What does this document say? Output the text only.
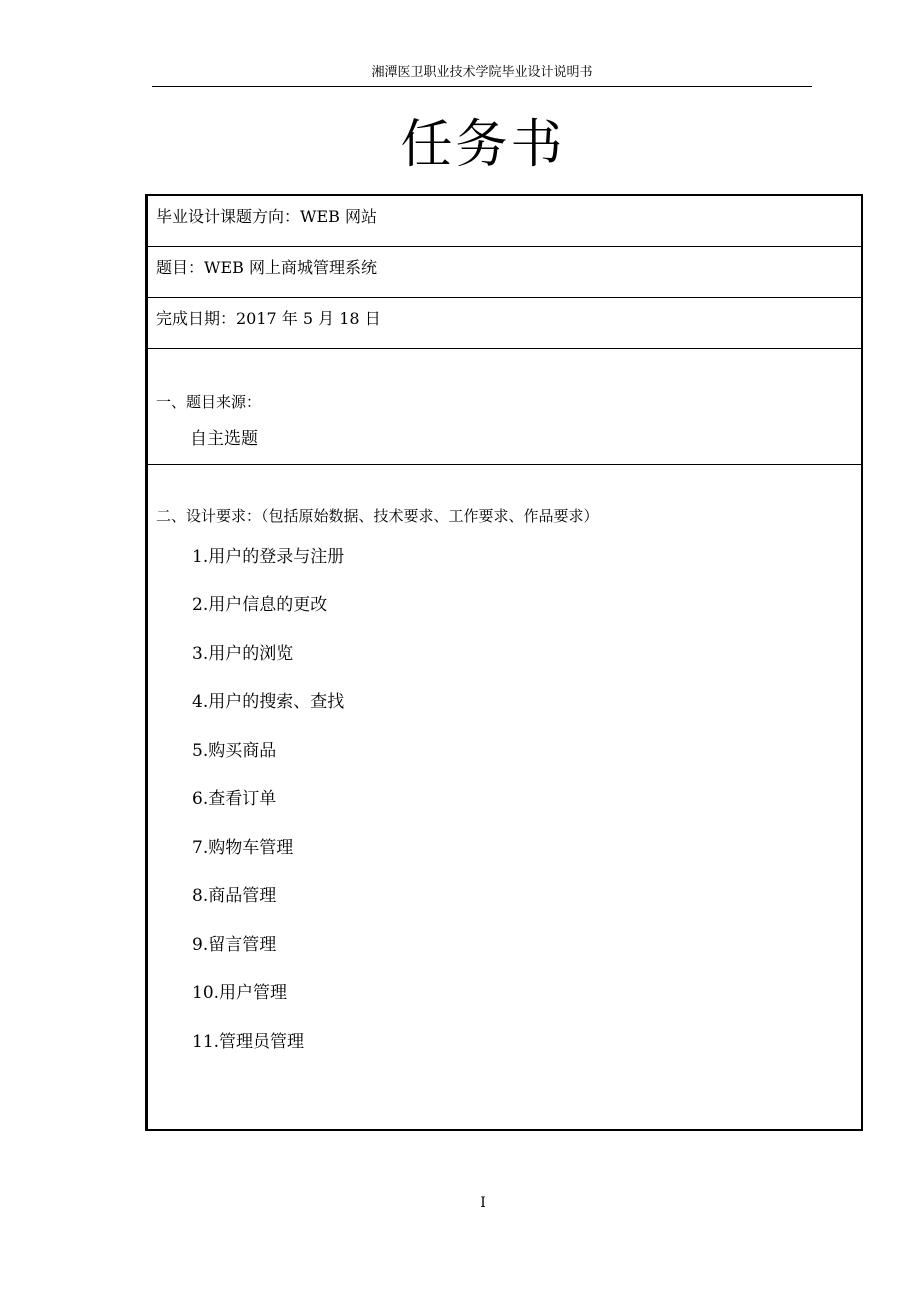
湘潭医卫职业技术学院毕业设计说明书
任务书
毕业设计课题方向：WEB 网站
题目：WEB 网上商城管理系统
完成日期：2017 年 5 月 18 日
一、题目来源：
自主选题
二、设计要求：（包括原始数据、技术要求、工作要求、作品要求）
1.用户的登录与注册
2.用户信息的更改
3.用户的浏览
4.用户的搜索、查找
5.购买商品
6.查看订单
7.购物车管理
8.商品管理
9.留言管理
10.用户管理
11.管理员管理
I
